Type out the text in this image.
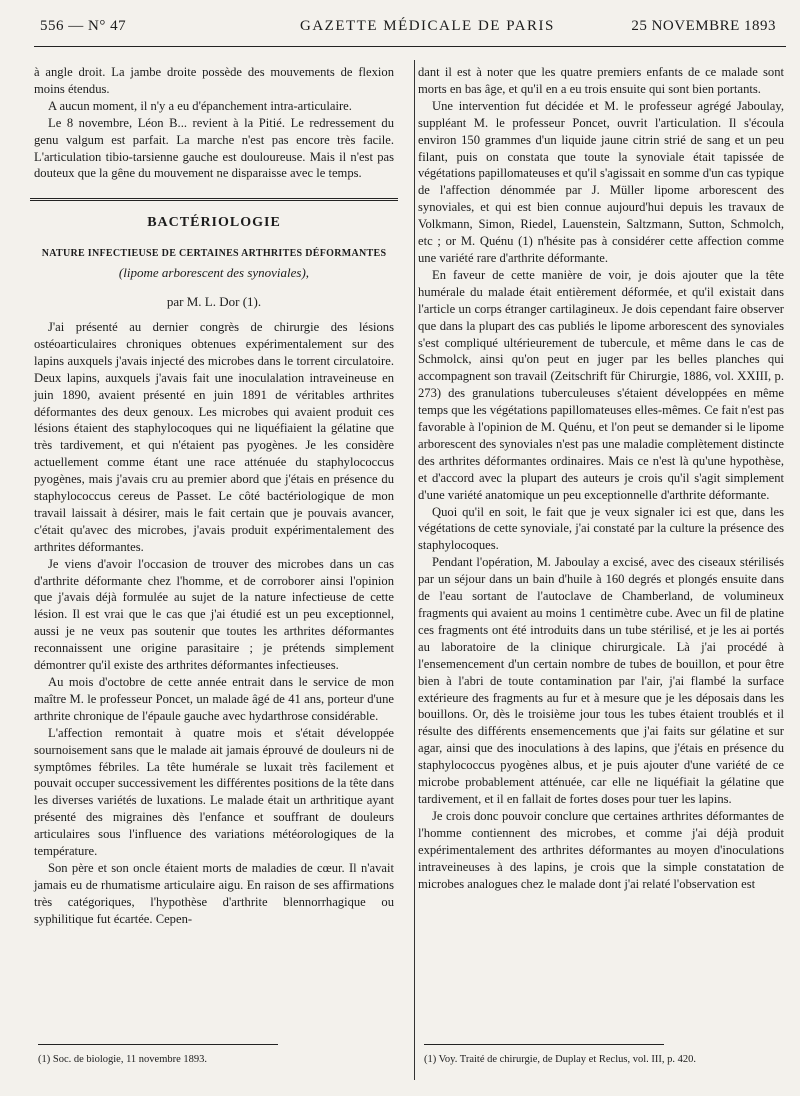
556 — N° 47	GAZETTE MÉDICALE DE PARIS	25 NOVEMBRE 1893

à angle droit. La jambe droite possède des mouvements de flexion moins étendus.

A aucun moment, il n'y a eu d'épanchement intra-articulaire.

Le 8 novembre, Léon B... revient à la Pitié. Le redressement du genu valgum est parfait. La marche n'est pas encore très facile. L'articulation tibio-tarsienne gauche est douloureuse. Mais il n'est pas douteux que la gêne du mouvement ne disparaisse avec le temps.

BACTÉRIOLOGIE
NATURE INFECTIEUSE DE CERTAINES ARTHRITES DÉFORMANTES
(lipome arborescent des synoviales),
par M. L. Dor (1).

J'ai présenté au dernier congrès de chirurgie des lésions ostéoarticulaires chroniques obtenues expérimentalement sur des lapins auxquels j'avais injecté des microbes dans le torrent circulatoire. Deux lapins, auxquels j'avais fait une inoculalation intraveineuse en juin 1890, avaient présenté en juin 1891 de véritables arthrites déformantes des deux genoux. Les microbes qui avaient produit ces lésions étaient des staphylocoques qui ne liquéfiaient la gélatine que très tardivement, et qui n'étaient pas pyogènes. Je les considère actuellement comme étant une race atténuée du staphylococcus pyogènes, mais j'avais cru au premier abord que j'étais en présence du staphylococcus cereus de Passet. Le côté bactériologique de mon travail laissait à désirer, mais le fait certain que je pouvais avancer, c'était qu'avec des microbes, j'avais produit expérimentalement des arthrites déformantes.

Je viens d'avoir l'occasion de trouver des microbes dans un cas d'arthrite déformante chez l'homme, et de corroborer ainsi l'opinion que j'avais déjà formulée au sujet de la nature infectieuse de cette lésion. Il est vrai que le cas que j'ai étudié est un peu exceptionnel, aussi je ne veux pas soutenir que toutes les arthrites déformantes reconnaissent une origine parasitaire ; je prétends simplement démontrer qu'il existe des arthrites déformantes infectieuses.

Au mois d'octobre de cette année entrait dans le service de mon maître M. le professeur Poncet, un malade âgé de 41 ans, porteur d'une arthrite chronique de l'épaule gauche avec hydarthrose considérable.

L'affection remontait à quatre mois et s'était développée sournoisement sans que le malade ait jamais éprouvé de douleurs ni de symptômes fébriles. La tête humérale se luxait très facilement et pouvait occuper successivement les différentes positions de la tête dans les diverses variétés de luxations. Le malade était un arthritique ayant présenté des migraines dès l'enfance et souffrant de douleurs articulaires sous l'influence des variations météorologiques de la température.

Son père et son oncle étaient morts de maladies de cœur. Il n'avait jamais eu de rhumatisme articulaire aigu. En raison de ses affirmations très catégoriques, l'hypothèse d'arthrite blennorrhagique ou syphilitique fut écartée. Cepen-

dant il est à noter que les quatre premiers enfants de ce malade sont morts en bas âge, et qu'il en a eu trois ensuite qui sont bien portants.

Une intervention fut décidée et M. le professeur agrégé Jaboulay, suppléant M. le professeur Poncet, ouvrit l'articulation. Il s'écoula environ 150 grammes d'un liquide jaune citrin strié de sang et un peu filant, puis on constata que toute la synoviale était tapissée de végétations papillomateuses et qu'il s'agissait en somme d'un cas typique de l'affection dénommée par J. Müller lipome arborescent des synoviales, et qui est bien connue aujourd'hui depuis les travaux de Volkmann, Simon, Riedel, Lauenstein, Saltzmann, Sutton, Schmolch, etc ; or M. Quénu (1) n'hésite pas à considérer cette affection comme une variété rare d'arthrite déformante.

En faveur de cette manière de voir, je dois ajouter que la tête humérale du malade était entièrement déformée, et qu'il existait dans l'article un corps étranger cartilagineux. Je dois cependant faire observer que dans la plupart des cas publiés le lipome arborescent des synoviales s'est compliqué ultérieurement de tubercule, et même dans le cas de Schmolck, ainsi qu'on peut en juger par les belles planches qui accompagnent son travail (Zeitschrift für Chirurgie, 1886, vol. XXIII, p. 273) des granulations tuberculeuses s'étaient développées en même temps que les végétations papillomateuses elles-mêmes. Ce fait n'est pas favorable à l'opinion de M. Quénu, et l'on peut se demander si le lipome arborescent des synoviales n'est pas une maladie complètement distincte des arthrites déformantes ordinaires. Mais ce n'est là qu'une hypothèse, et d'accord avec la plupart des auteurs je crois qu'il s'agit simplement d'une variété anatomique un peu exceptionnelle d'arthrite déformante.

Quoi qu'il en soit, le fait que je veux signaler ici est que, dans les végétations de cette synoviale, j'ai constaté par la culture la présence des staphylocoques.

Pendant l'opération, M. Jaboulay a excisé, avec des ciseaux stérilisés par un séjour dans un bain d'huile à 160 degrés et plongés ensuite dans de l'eau sortant de l'autoclave de Chamberland, de volumineux fragments qui avaient au moins 1 centimètre cube. Avec un fil de platine ces fragments ont été introduits dans un tube stérilisé, et je les ai portés au laboratoire de la clinique chirurgicale. Là j'ai procédé à l'ensemencement d'un certain nombre de tubes de bouillon, et pour être bien à l'abri de toute contamination par l'air, j'ai flambé la surface extérieure des fragments au fur et à mesure que je les déposais dans les bouillons. Or, dès le troisième jour tous les tubes étaient troublés et il résulte des différents ensemencements que j'ai faits sur gélatine et sur agar, ainsi que des inoculations à des lapins, que j'étais en présence du staphylococcus pyogènes albus, et je puis ajouter d'une variété de ce microbe probablement atténuée, car elle ne liquéfiait la gélatine que tardivement, et il en fallait de fortes doses pour tuer les lapins.

Je crois donc pouvoir conclure que certaines arthrites déformantes de l'homme contiennent des microbes, et comme j'ai déjà produit expérimentalement des arthrites déformantes au moyen d'inoculations intraveineuses à des lapins, je crois que la simple constatation de microbes analogues chez le malade dont j'ai relaté l'observation est

(1) Soc. de biologie, 11 novembre 1893.	(1) Voy. Traité de chirurgie, de Duplay et Reclus, vol. III, p. 420.
